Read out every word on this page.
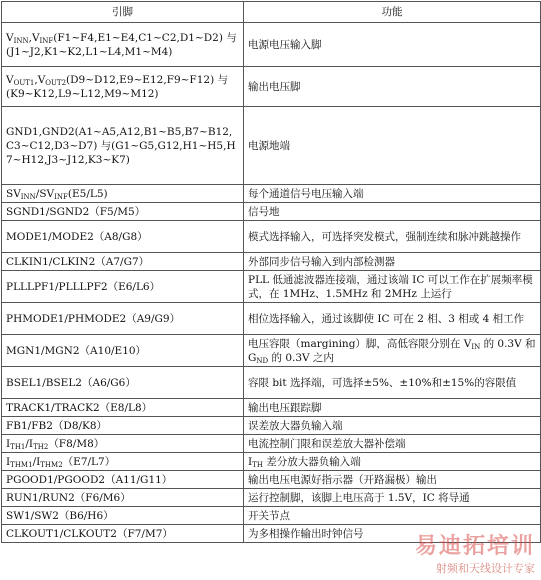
引脚	功能
$V_{INN},V_{INF}(F1\sim F4,E1\sim E4,C1\sim C2,D1\sim D2)$ 与(J1~J2,K1~K2,L1~L4,M1~M4)	电源电压输入脚
$V_{OUT1},V_{OUT2}(D9\sim D12,E9\sim E12,F9\sim F12)$ 与(K9~K12,L9~L12,M9~M12)	输出电压脚
GND1,GND2(A1~A5,A12,B1~B5,B7~B12,C3~C12,D3~D7) 与(G1~G5,G12,H1~H5,H7~H12,J3~J12,K3~K7)	电源地端
$SV_{INN}/SV_{INF}(E5/L5)$	每个通道信号电压输入端
SGND1/SGND2（F5/M5）	信号地
MODE1/MODE2（A8/G8）	模式选择输入，可选择突发模式，强制连续和脉冲跳越操作
CLKIN1/CLKIN2（A7/G7）	外部同步信号输入到内部检测器
PLLLPF1/PLLLPF2（E6/L6）	PLL 低通滤波器连接端，通过该端 IC 可以工作在扩展频率模式，在 1MHz、1.5MHz 和 2MHz 上运行
PHMODE1/PHMODE2（A9/G9）	相位选择输入，通过该脚使 IC 可在 2 相、3 相或 4 相工作
MGN1/MGN2（A10/E10）	电压容限（margining）脚，高低容限分别在 $V_{IN}$ 的 0.3V 和 $G_{ND}$ 的 0.3V 之内
BSEL1/BSEL2（A6/G6）	容限 bit 选择端，可选择±5%、±10%和±15%的容限值
TRACK1/TRACK2（E8/L8）	输出电压跟踪脚
FB1/FB2（D8/K8）	误差放大器负输入端
$I_{TH1}/I_{TH2}(F8/M8)$	电流控制门限和误差放大器补偿端
$I_{THM1}/I_{THM2}(E7/L7)$	$I_{TH}$ 差分放大器负输入端
PGOOD1/PGOOD2（A11/G11）	输出电压电源好指示器（开路漏极）输出
RUN1/RUN2（F6/M6）	运行控制脚，该脚上电压高于 1.5V，IC 将导通
SW1/SW2（B6/H6）	开关节点
CLKOUT1/CLKOUT2（F7/M7）	为多相操作输出时钟信号
易迪拓培训
射频和天线设计专家
